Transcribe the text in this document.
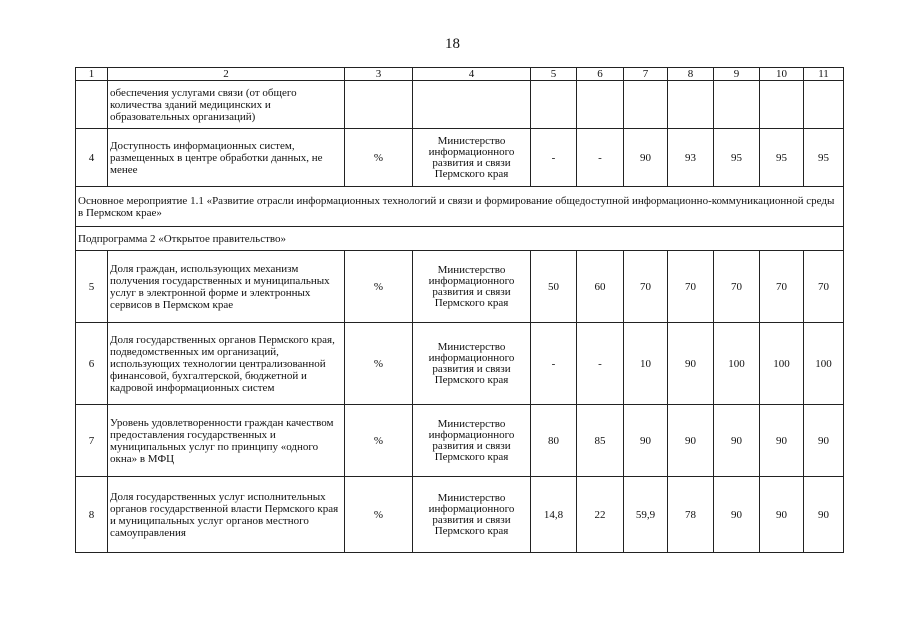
18
1	2	3	4	5	6	7	8	9	10	11
	обеспечения услугами связи (от общего количества зданий медицинских и образовательных организаций)									
4	Доступность информационных систем, размещенных в центре обработки данных, не менее	%	Министерство информационного развития и связи Пермского края	-	-	90	93	95	95	95
Основное мероприятие 1.1 «Развитие отрасли информационных технологий и связи и формирование общедоступной информационно-коммуникационной среды в Пермском крае»										
Подпрограмма 2 «Открытое правительство»										
5	Доля граждан, использующих механизм получения государственных и муниципальных услуг в электронной форме и электронных сервисов в Пермском крае	%	Министерство информационного развития и связи Пермского края	50	60	70	70	70	70	70
6	Доля государственных органов Пермского края, подведомственных им организаций, использующих технологии централизованной финансовой, бухгалтерской, бюджетной и кадровой информационных систем	%	Министерство информационного развития и связи Пермского края	-	-	10	90	100	100	100
7	Уровень удовлетворенности граждан качеством предоставления государственных и муниципальных услуг по принципу «одного окна» в МФЦ	%	Министерство информационного развития и связи Пермского края	80	85	90	90	90	90	90
8	Доля государственных услуг исполнительных органов государственной власти Пермского края и муниципальных услуг органов местного самоуправления	%	Министерство информационного развития и связи Пермского края	14,8	22	59,9	78	90	90	90
